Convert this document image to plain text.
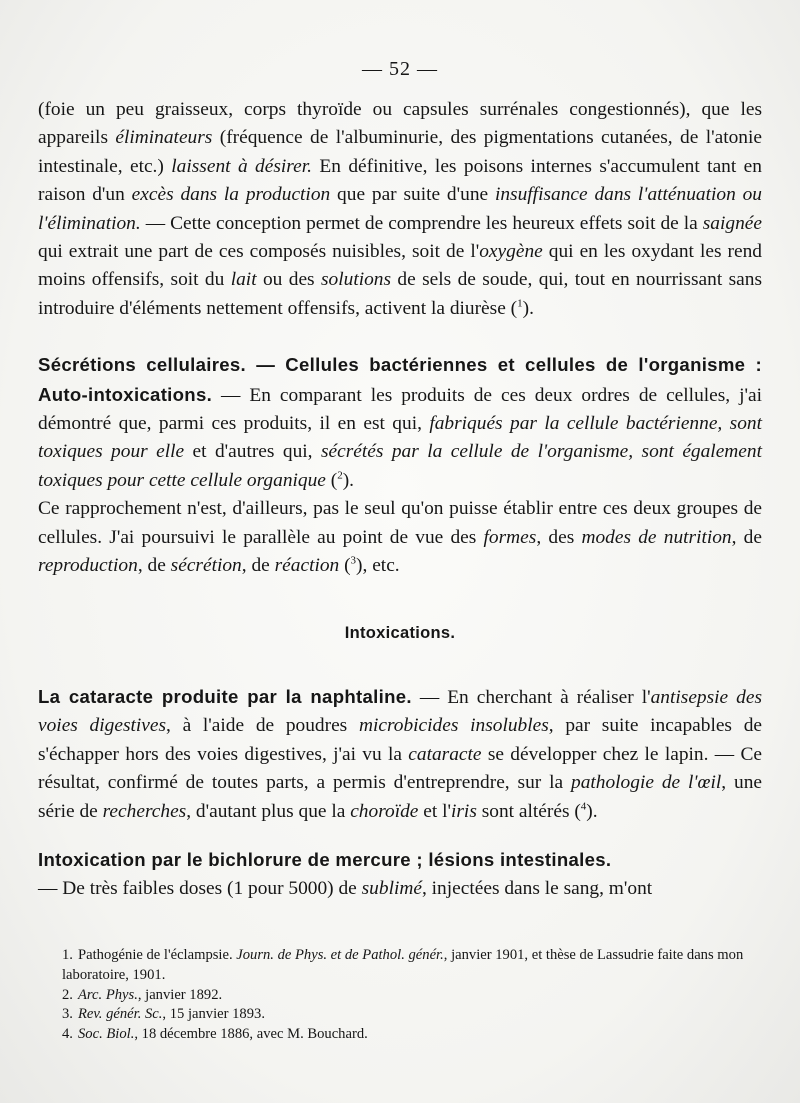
— 52 —

(foie un peu graisseux, corps thyroïde ou capsules surrénales congestionnés), que les appareils éliminateurs (fréquence de l'albuminurie, des pigmentations cutanées, de l'atonie intestinale, etc.) laissent à désirer. En définitive, les poisons internes s'accumulent tant en raison d'un excès dans la production que par suite d'une insuffisance dans l'atténuation ou l'élimination. — Cette conception permet de comprendre les heureux effets soit de la saignée qui extrait une part de ces composés nuisibles, soit de l'oxygène qui en les oxydant les rend moins offensifs, soit du lait ou des solutions de sels de soude, qui, tout en nourrissant sans introduire d'éléments nettement offensifs, activent la diurèse ($^1$).

Sécrétions cellulaires. — Cellules bactériennes et cellules de l'organisme : Auto-intoxications. — En comparant les produits de ces deux ordres de cellules, j'ai démontré que, parmi ces produits, il en est qui, fabriqués par la cellule bactérienne, sont toxiques pour elle et d'autres qui, sécrétés par la cellule de l'organisme, sont également toxiques pour cette cellule organique ($^2$).

Ce rapprochement n'est, d'ailleurs, pas le seul qu'on puisse établir entre ces deux groupes de cellules. J'ai poursuivi le parallèle au point de vue des formes, des modes de nutrition, de reproduction, de sécrétion, de réaction ($^3$), etc.

Intoxications.

La cataracte produite par la naphtaline. — En cherchant à réaliser l'antisepsie des voies digestives, à l'aide de poudres microbicides insolubles, par suite incapables de s'échapper hors des voies digestives, j'ai vu la cataracte se développer chez le lapin. — Ce résultat, confirmé de toutes parts, a permis d'entreprendre, sur la pathologie de l'œil, une série de recherches, d'autant plus que la choroïde et l'iris sont altérés ($^4$).

Intoxication par le bichlorure de mercure ; lésions intestinales.
— De très faibles doses (1 pour 5000) de sublimé, injectées dans le sang, m'ont

1. Pathogénie de l'éclampsie. Journ. de Phys. et de Pathol. génér., janvier 1901, et thèse de Lassudrie faite dans mon laboratoire, 1901.

2. Arc. Phys., janvier 1892.

3. Rev. génér. Sc., 15 janvier 1893.

4. Soc. Biol., 18 décembre 1886, avec M. Bouchard.
